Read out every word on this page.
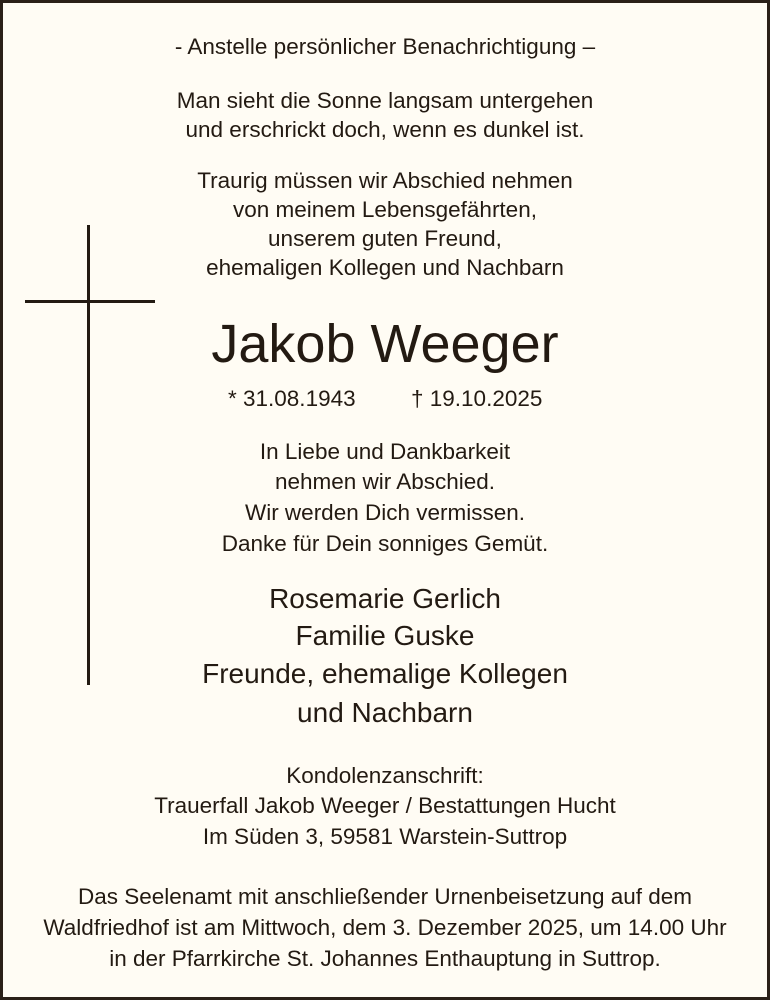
- Anstelle persönlicher Benachrichtigung –
Man sieht die Sonne langsam untergehen
und erschrickt doch, wenn es dunkel ist.
Traurig müssen wir Abschied nehmen
von meinem Lebensgefährten,
unserem guten Freund,
ehemaligen Kollegen und Nachbarn
Jakob Weeger
* 31.08.1943 † 19.10.2025
In Liebe und Dankbarkeit
nehmen wir Abschied.
Wir werden Dich vermissen.
Danke für Dein sonniges Gemüt.
Rosemarie Gerlich
Familie Guske
Freunde, ehemalige Kollegen
und Nachbarn
Kondolenzanschrift:
Trauerfall Jakob Weeger / Bestattungen Hucht
Im Süden 3, 59581 Warstein-Suttrop
Das Seelenamt mit anschließender Urnenbeisetzung auf dem
Waldfriedhof ist am Mittwoch, dem 3. Dezember 2025, um 14.00 Uhr
in der Pfarrkirche St. Johannes Enthauptung in Suttrop.
